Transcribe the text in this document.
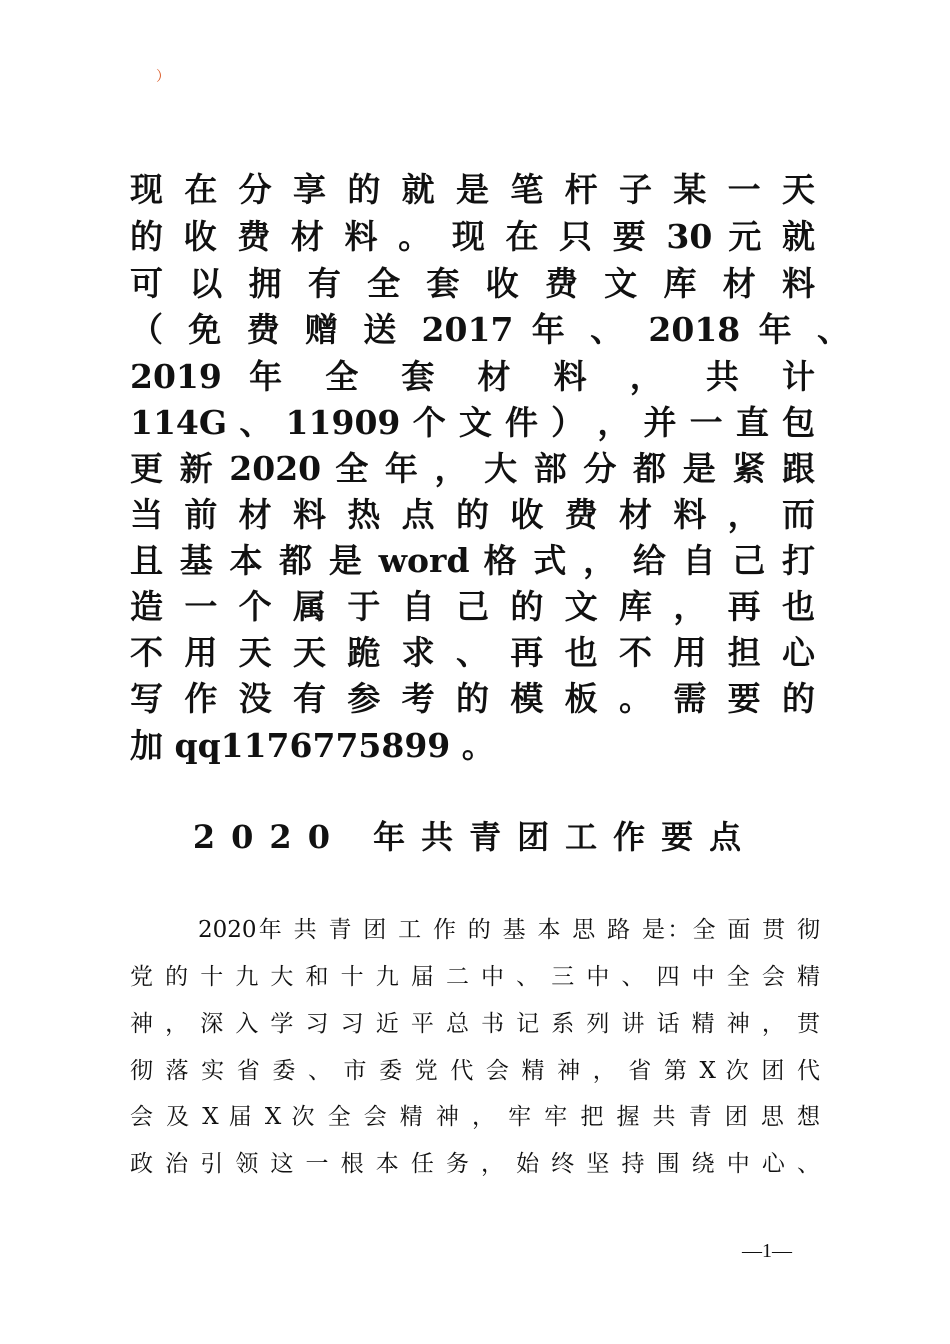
）
现 在 分 享 的 就 是 笔 杆 子 某 一 天
的 收 费 材 料 。 现 在 只 要 30 元 就
可 以 拥 有 全 套 收 费 文 库 材 料
（ 免 费 赠 送 2017 年 、 2018 年 、
2019 年 全 套 材 料 ， 共 计
114G 、 11909 个 文 件 ） ， 并 一 直 包
更 新 2020 全 年 ， 大 部 分 都 是 紧 跟
当 前 材 料 热 点 的 收 费 材 料 ， 而
且 基 本 都 是 word 格 式 ， 给 自 己 打
造 一 个 属 于 自 己 的 文 库 ， 再 也
不 用 天 天 跪 求 、 再 也 不 用 担 心
写 作 没 有 参 考 的 模 板 。 需 要 的
加 qq1176775899 。
2020 年共青团工作要点
2020年 共 青 团 工 作 的 基 本 思 路 是：全 面 贯 彻
党 的 十 九 大 和 十 九 届 二 中 、 三 中 、 四 中 全 会 精
神 ， 深 入 学 习 习 近 平 总 书 记 系 列 讲 话 精 神 ， 贯
彻 落 实 省 委 、 市 委 党 代 会 精 神 ， 省 第 X 次 团 代
会 及 X 届 X 次 全 会 精 神 ， 牢 牢 把 握 共 青 团 思 想
政 治 引 领 这 一 根 本 任 务 ， 始 终 坚 持 围 绕 中 心 、
—1—
